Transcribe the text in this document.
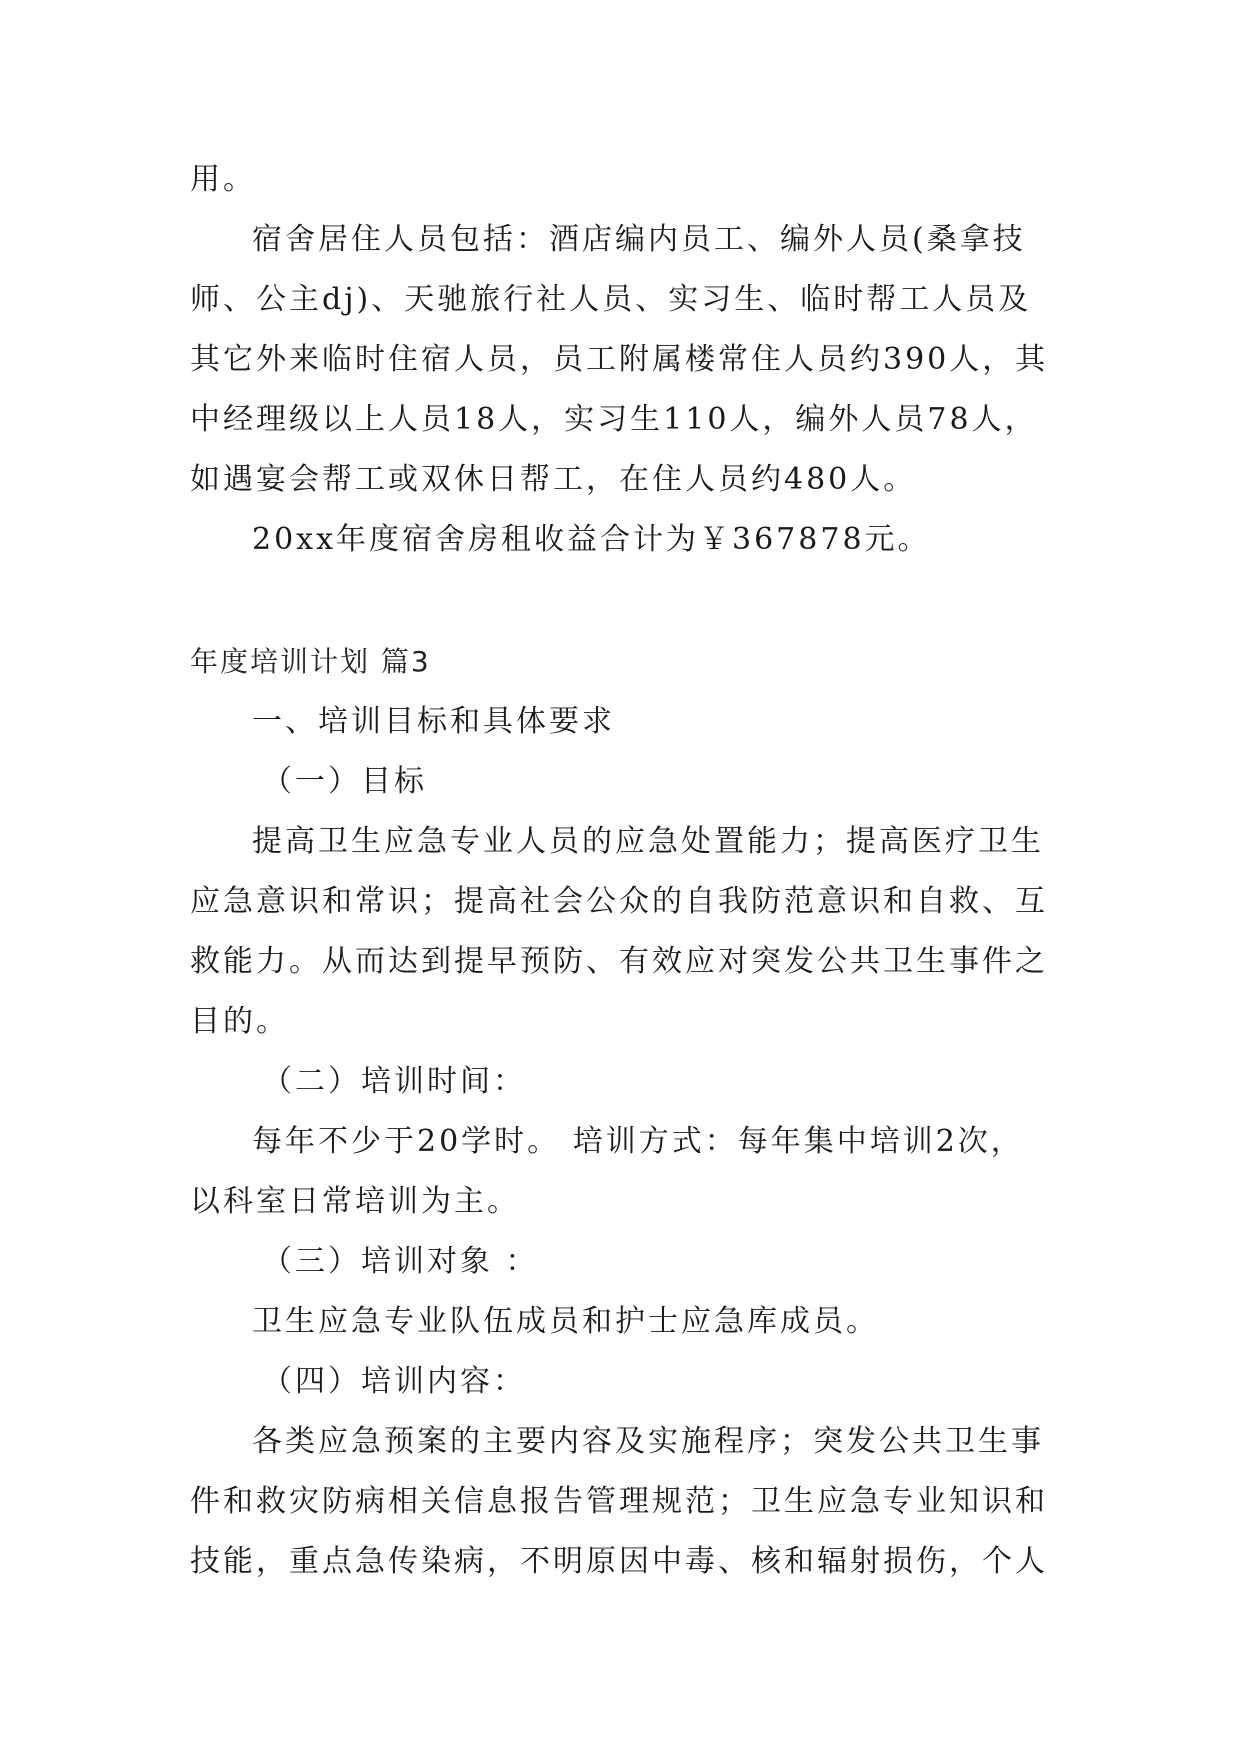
用。

宿舍居住人员包括：酒店编内员工、编外人员(桑拿技师、公主dj)、天驰旅行社人员、实习生、临时帮工人员及其它外来临时住宿人员，员工附属楼常住人员约390人，其中经理级以上人员18人，实习生110人，编外人员78人，如遇宴会帮工或双休日帮工，在住人员约480人。

20xx年度宿舍房租收益合计为￥367878元。

年度培训计划 篇3

一、培训目标和具体要求

（一）目标

提高卫生应急专业人员的应急处置能力；提高医疗卫生应急意识和常识；提高社会公众的自我防范意识和自救、互救能力。从而达到提早预防、有效应对突发公共卫生事件之目的。

（二）培训时间：

每年不少于20学时。 培训方式：每年集中培训2次，以科室日常培训为主。

（三）培训对象 ：

卫生应急专业队伍成员和护士应急库成员。

（四）培训内容：

各类应急预案的主要内容及实施程序；突发公共卫生事件和救灾防病相关信息报告管理规范；卫生应急专业知识和技能，重点急传染病，不明原因中毒、核和辐射损伤，个人
